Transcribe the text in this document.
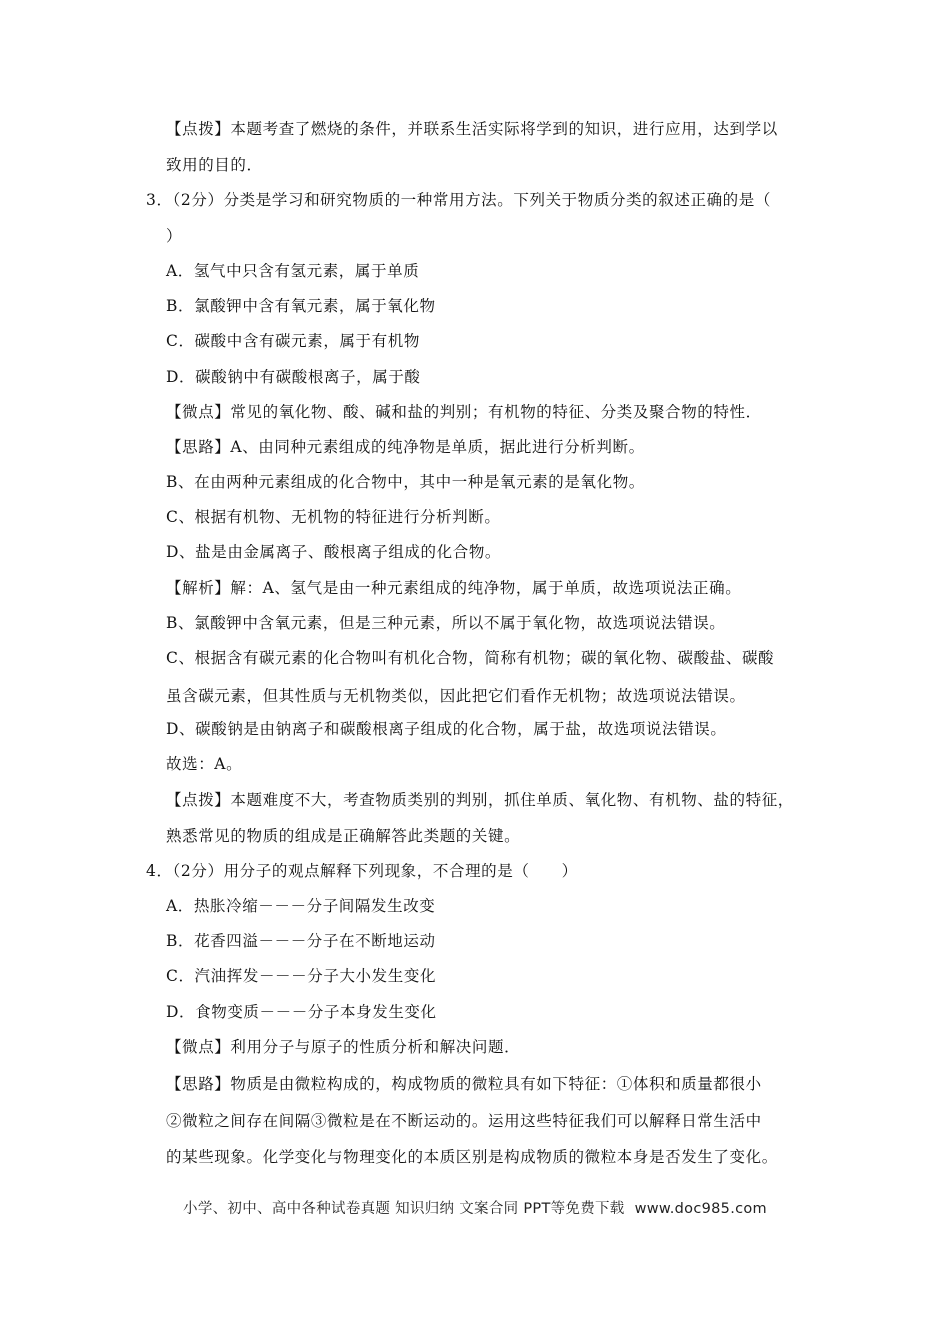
【点拨】本题考查了燃烧的条件，并联系生活实际将学到的知识，进行应用，达到学以
致用的目的．
3．（2分）分类是学习和研究物质的一种常用方法。下列关于物质分类的叙述正确的是（
）
A．氢气中只含有氢元素，属于单质
B．氯酸钾中含有氧元素，属于氧化物
C．碳酸中含有碳元素，属于有机物
D．碳酸钠中有碳酸根离子，属于酸
【微点】常见的氧化物、酸、碱和盐的判别；有机物的特征、分类及聚合物的特性．
【思路】A、由同种元素组成的纯净物是单质，据此进行分析判断。
B、在由两种元素组成的化合物中，其中一种是氧元素的是氧化物。
C、根据有机物、无机物的特征进行分析判断。
D、盐是由金属离子、酸根离子组成的化合物。
【解析】解：A、氢气是由一种元素组成的纯净物，属于单质，故选项说法正确。
B、氯酸钾中含氧元素，但是三种元素，所以不属于氧化物，故选项说法错误。
C、根据含有碳元素的化合物叫有机化合物，简称有机物；碳的氧化物、碳酸盐、碳酸
虽含碳元素，但其性质与无机物类似，因此把它们看作无机物；故选项说法错误。
D、碳酸钠是由钠离子和碳酸根离子组成的化合物，属于盐，故选项说法错误。
故选：A。
【点拨】本题难度不大，考查物质类别的判别，抓住单质、氧化物、有机物、盐的特征，
熟悉常见的物质的组成是正确解答此类题的关键。
4．（2分）用分子的观点解释下列现象，不合理的是（　　）
A．热胀冷缩－－－分子间隔发生改变
B．花香四溢－－－分子在不断地运动
C．汽油挥发－－－分子大小发生变化
D．食物变质－－－分子本身发生变化
【微点】利用分子与原子的性质分析和解决问题．
【思路】物质是由微粒构成的，构成物质的微粒具有如下特征：①体积和质量都很小
②微粒之间存在间隔③微粒是在不断运动的。运用这些特征我们可以解释日常生活中
的某些现象。化学变化与物理变化的本质区别是构成物质的微粒本身是否发生了变化。
小学、初中、高中各种试卷真题 知识归纳 文案合同 PPT等免费下载 www.doc985.com
